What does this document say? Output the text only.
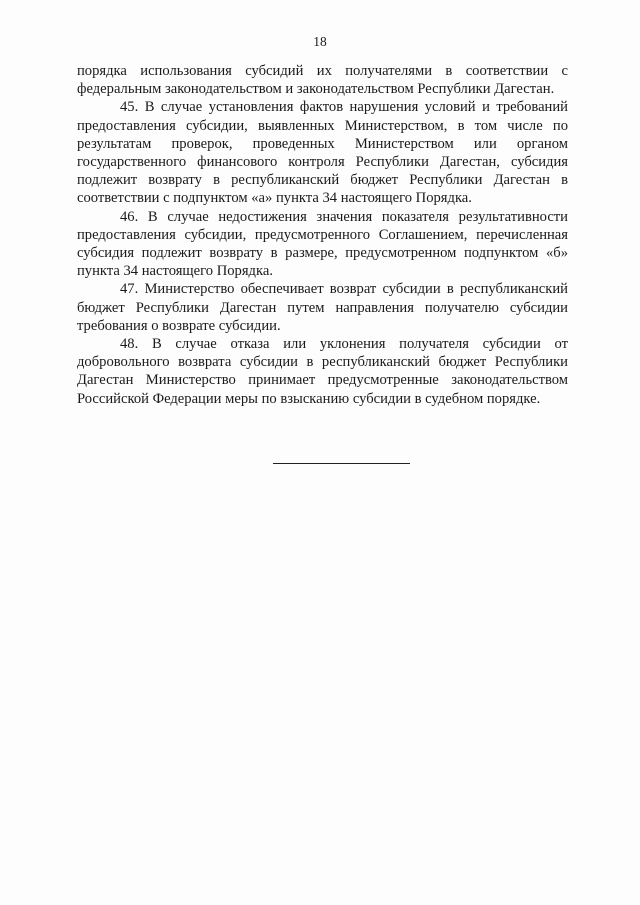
18

порядка использования субсидий их получателями в соответствии с федеральным законодательством и законодательством Республики Дагестан.

45. В случае установления фактов нарушения условий и требований предоставления субсидии, выявленных Министерством, в том числе по результатам проверок, проведенных Министерством или органом государственного финансового контроля Республики Дагестан, субсидия подлежит возврату в республиканский бюджет Республики Дагестан в соответствии с подпунктом «а» пункта 34 настоящего Порядка.

46. В случае недостижения значения показателя результативности предоставления субсидии, предусмотренного Соглашением, перечисленная субсидия подлежит возврату в размере, предусмотренном подпунктом «б» пункта 34 настоящего Порядка.

47. Министерство обеспечивает возврат субсидии в республиканский бюджет Республики Дагестан путем направления получателю субсидии требования о возврате субсидии.

48. В случае отказа или уклонения получателя субсидии от добровольного возврата субсидии в республиканский бюджет Республики Дагестан Министерство принимает предусмотренные законодательством Российской Федерации меры по взысканию субсидии в судебном порядке.
